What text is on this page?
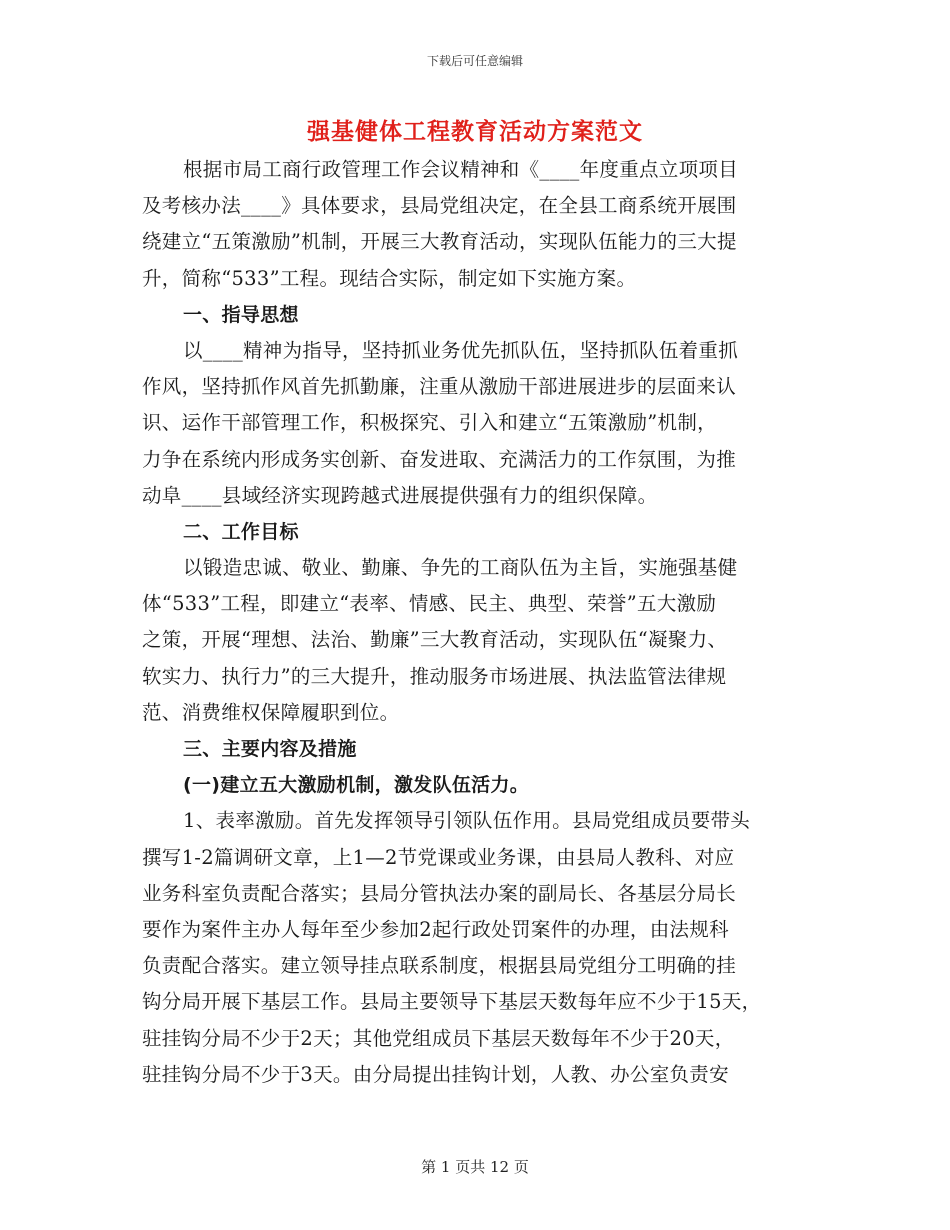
下载后可任意编辑
强基健体工程教育活动方案范文
根据市局工商行政管理工作会议精神和《____年度重点立项项目
及考核办法____》具体要求，县局党组决定，在全县工商系统开展围
绕建立“五策激励”机制，开展三大教育活动，实现队伍能力的三大提
升，简称“533”工程。现结合实际，制定如下实施方案。
一、指导思想
以____精神为指导，坚持抓业务优先抓队伍，坚持抓队伍着重抓
作风，坚持抓作风首先抓勤廉，注重从激励干部进展进步的层面来认
识、运作干部管理工作，积极探究、引入和建立“五策激励”机制，
力争在系统内形成务实创新、奋发进取、充满活力的工作氛围，为推
动阜____县域经济实现跨越式进展提供强有力的组织保障。
二、工作目标
以锻造忠诚、敬业、勤廉、争先的工商队伍为主旨，实施强基健
体“533”工程，即建立“表率、情感、民主、典型、荣誉”五大激励
之策，开展“理想、法治、勤廉”三大教育活动，实现队伍“凝聚力、
软实力、执行力”的三大提升，推动服务市场进展、执法监管法律规
范、消费维权保障履职到位。
三、主要内容及措施
(一)建立五大激励机制，激发队伍活力。
1、表率激励。首先发挥领导引领队伍作用。县局党组成员要带头
撰写1-2篇调研文章，上1—2节党课或业务课，由县局人教科、对应
业务科室负责配合落实；县局分管执法办案的副局长、各基层分局长
要作为案件主办人每年至少参加2起行政处罚案件的办理，由法规科
负责配合落实。建立领导挂点联系制度，根据县局党组分工明确的挂
钩分局开展下基层工作。县局主要领导下基层天数每年应不少于15天，
驻挂钩分局不少于2天；其他党组成员下基层天数每年不少于20天，
驻挂钩分局不少于3天。由分局提出挂钩计划，人教、办公室负责安
第 1 页共 12 页
